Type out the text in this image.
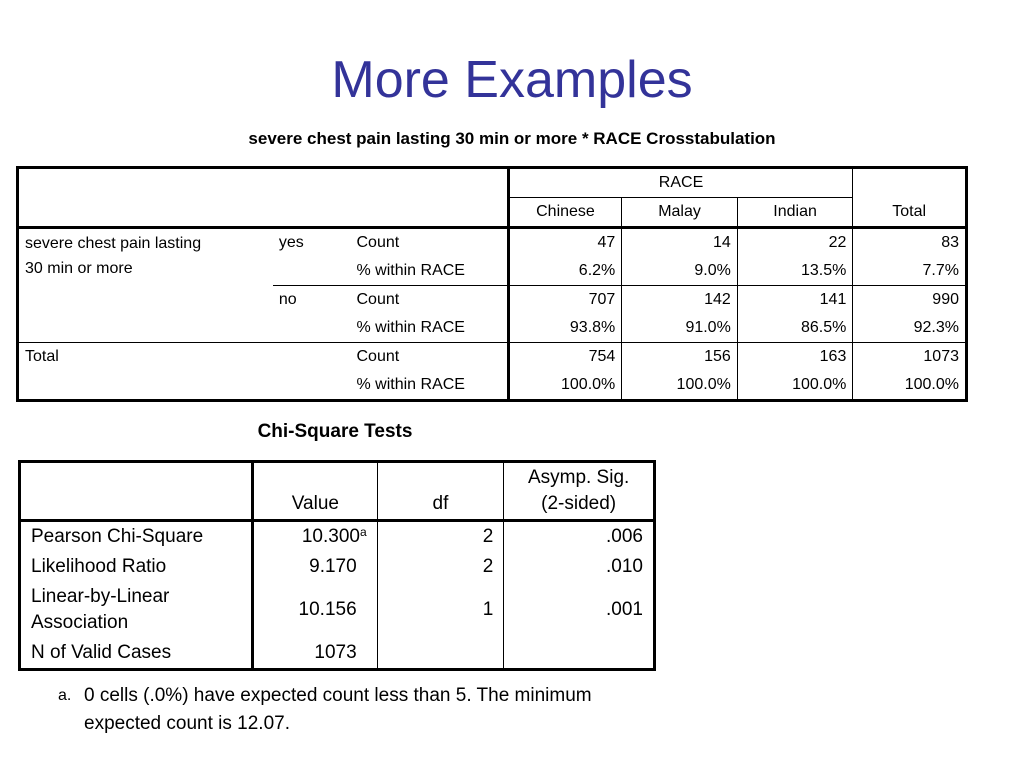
More Examples
severe chest pain lasting 30 min or more * RACE Crosstabulation
			RACE			Total
			Chinese	Malay	Indian	

severe chest pain lasting
30 min or more	yes	Count	47	14	22	83
		% within RACE	6.2%	9.0%	13.5%	7.7%
	no	Count	707	142	141	990
		% within RACE	93.8%	91.0%	86.5%	92.3%
Total		Count	754	156	163	1073
		% within RACE	100.0%	100.0%	100.0%	100.0%
Chi-Square Tests
	Value	df	Asymp. Sig.
(2-sided)

Pearson Chi-Square	10.300$^a$	2	.006
Likelihood Ratio	9.170	2	.010

Linear-by-Linear
Association	10.156	1	.001
N of Valid Cases	1073		
a. 0 cells (.0%) have expected count less than 5. The minimum expected count is 12.07.
